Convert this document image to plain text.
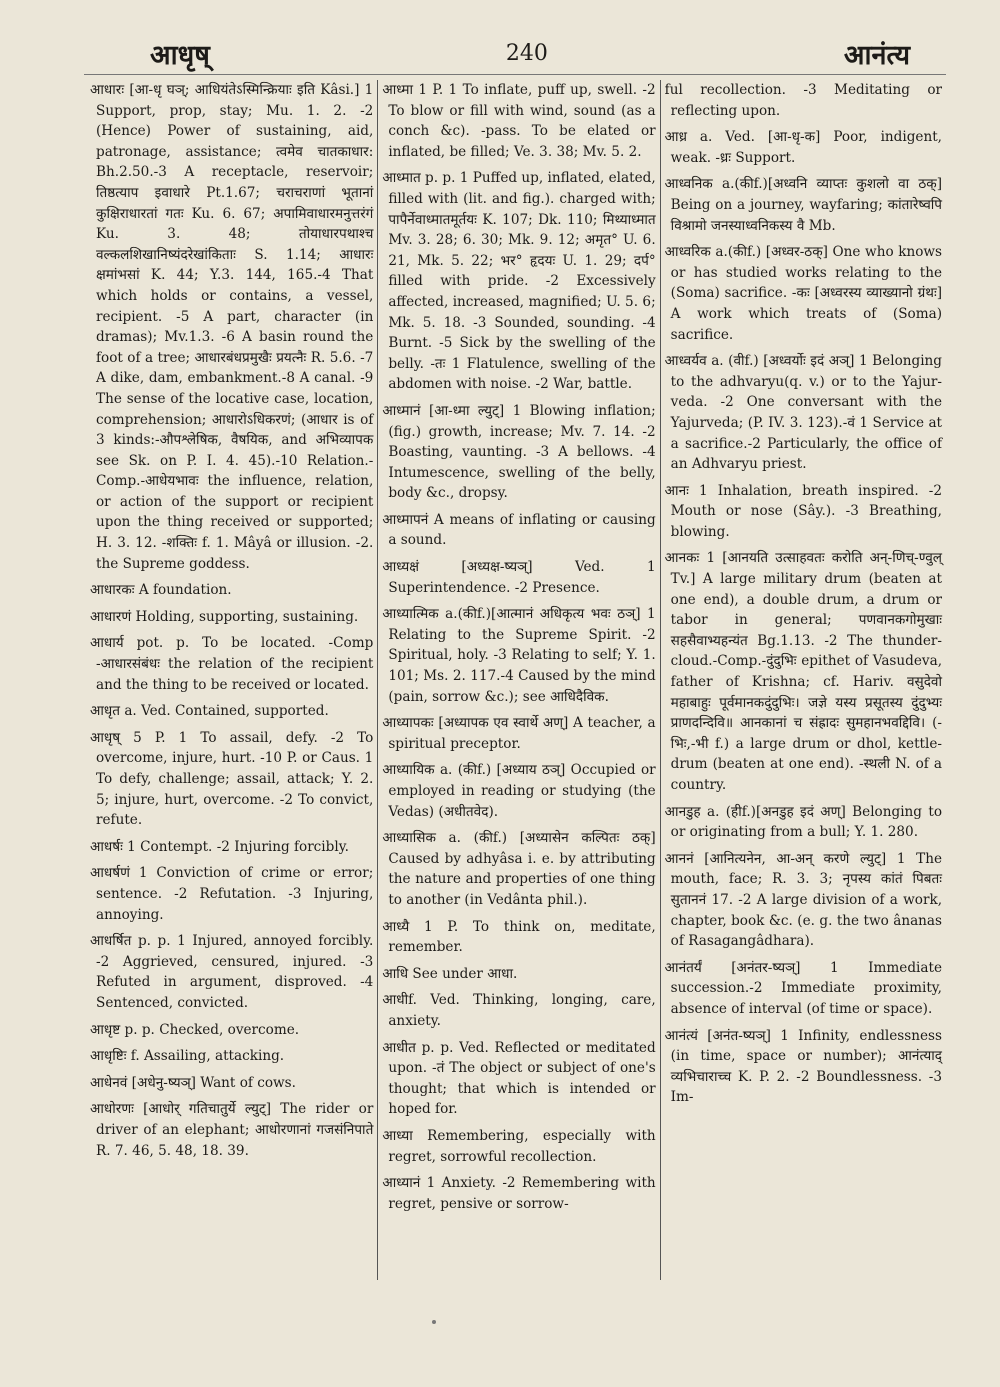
आधृष्	240	आनंत्य

आधारः [आ-धृ घञ्; आधियंतेऽस्मिन्क्रियाः इति Kâsi.] 1 Support, prop, stay; Mu. 1. 2. -2 (Hence) Power of sustaining, aid, patronage, assistance; त्वमेव चातकाधार: Bh.2.50.-3 A receptacle, reservoir; तिष्ठत्याप इवाधारे Pt.1.67; चराचराणां भूतानां कुक्षिराधारतां गतः Ku. 6. 67; अपामिवाधारमनुत्तरंगं Ku. 3. 48; तोयाधारपथाश्च वल्कलशिखानिष्यंदरेखांकिताः S. 1.14; आधारः क्षमांभसां K. 44; Y.3. 144, 165.-4 That which holds or contains, a vessel, recipient. -5 A part, character (in dramas); Mv.1.3. -6 A basin round the foot of a tree; आधारबंधप्रमुखैः प्रयत्नैः R. 5.6. -7 A dike, dam, embankment.-8 A canal. -9 The sense of the locative case, location, comprehension; आधारोऽधिकरणं; (आधार is of 3 kinds:-औपश्लेषिक, वैषयिक, and अभिव्यापक see Sk. on P. I. 4. 45).-10 Relation.-Comp.-आधेयभावः the influence, relation, or action of the support or recipient upon the thing received or supported; H. 3. 12. -शक्तिः f. 1. Mâyâ or illusion. -2. the Supreme goddess.

आधारकः A foundation.

आधारणं Holding, supporting, sustaining.

आधार्य pot. p. To be located. -Comp -आधारसंबंधः the relation of the recipient and the thing to be received or located.

आधृत a. Ved. Contained, supported.

आधृष् 5 P. 1 To assail, defy. -2 To overcome, injure, hurt. -10 P. or Caus. 1 To defy, challenge; assail, attack; Y. 2. 5; injure, hurt, overcome. -2 To convict, refute.

आधर्षः 1 Contempt. -2 Injuring forcibly.

आधर्षणं 1 Conviction of crime or error; sentence. -2 Refutation. -3 Injuring, annoying.

आधर्षित p. p. 1 Injured, annoyed forcibly. -2 Aggrieved, censured, injured. -3 Refuted in argument, disproved. -4 Sentenced, convicted.

आधृष्ट p. p. Checked, overcome.

आधृष्टिः f. Assailing, attacking.

आधेनवं [अधेनु-ष्यञ्] Want of cows.

आधोरणः [आधोर् गतिचातुर्ये ल्युट्] The rider or driver of an elephant; आधोरणानां गजसंनिपाते R. 7. 46, 5. 48, 18. 39.

आध्मा 1 P. 1 To inflate, puff up, swell. -2 To blow or fill with wind, sound (as a conch &c). -pass. To be elated or inflated, be filled; Ve. 3. 38; Mv. 5. 2.

आध्मात p. p. 1 Puffed up, inflated, elated, filled with (lit. and fig.). charged with; पापैर्नेवाध्मातमूर्तयः K. 107; Dk. 110; मिथ्याध्मात Mv. 3. 28; 6. 30; Mk. 9. 12; अमृत° U. 6. 21, Mk. 5. 22; भर° हृदयः U. 1. 29; दर्प° filled with pride. -2 Excessively affected, increased, magnified; U. 5. 6; Mk. 5. 18. -3 Sounded, sounding. -4 Burnt. -5 Sick by the swelling of the belly. -तः 1 Flatulence, swelling of the abdomen with noise. -2 War, battle.

आध्मानं [आ-ध्मा ल्युट्] 1 Blowing inflation; (fig.) growth, increase; Mv. 7. 14. -2 Boasting, vaunting. -3 A bellows. -4 Intumescence, swelling of the belly, body &c., dropsy.

आध्मापनं A means of inflating or causing a sound.

आध्यक्षं [अध्यक्ष-ष्यञ्] Ved. 1 Superintendence. -2 Presence.

आध्यात्मिक a.(कीf.)[आत्मानं अधिकृत्य भवः ठञ्] 1 Relating to the Supreme Spirit. -2 Spiritual, holy. -3 Relating to self; Y. 1. 101; Ms. 2. 117.-4 Caused by the mind (pain, sorrow &c.); see आधिदैविक.

आध्यापकः [अध्यापक एव स्वार्थे अण्] A teacher, a spiritual preceptor.

आध्यायिक a. (कीf.) [अध्याय ठञ्] Occupied or employed in reading or studying (the Vedas) (अधीतवेद).

आध्यासिक a. (कीf.) [अध्यासेन कल्पितः ठक्] Caused by adhyâsa i. e. by attributing the nature and properties of one thing to another (in Vedânta phil.).

आध्यै 1 P. To think on, meditate, remember.

आधि See under आधा.

आधीf. Ved. Thinking, longing, care, anxiety.

आधीत p. p. Ved. Reflected or meditated upon. -तं The object or subject of one's thought; that which is intended or hoped for.

आध्या Remembering, especially with regret, sorrowful recollection.

आध्यानं 1 Anxiety. -2 Remembering with regret, pensive or sorrow-

ful recollection. -3 Meditating or reflecting upon.

आध्र a. Ved. [आ-धृ-क] Poor, indigent, weak. -ध्रः Support.

आध्वनिक a.(कीf.)[अध्वनि व्याप्तः कुशलो वा ठक्] Being on a journey, wayfaring; कांतारेष्वपि विश्रामो जनस्याध्वनिकस्य वै Mb.

आध्वरिक a.(कीf.) [अध्वर-ठक्] One who knows or has studied works relating to the (Soma) sacrifice. -कः [अध्वरस्य व्याख्यानो ग्रंथः] A work which treats of (Soma) sacrifice.

आध्वर्यव a. (वीf.) [अध्वर्योः इदं अञ्] 1 Belonging to the adhvaryu(q. v.) or to the Yajur-veda. -2 One conversant with the Yajurveda; (P. IV. 3. 123).-वं 1 Service at a sacrifice.-2 Particularly, the office of an Adhvaryu priest.

आनः 1 Inhalation, breath inspired. -2 Mouth or nose (Sây.). -3 Breathing, blowing.

आनकः 1 [आनयति उत्साहवतः करोति अन्-णिच्-ण्वुल् Tv.] A large military drum (beaten at one end), a double drum, a drum or tabor in general; पणवानकगोमुखाः सहसैवाभ्यहन्यंत Bg.1.13. -2 The thunder-cloud.-Comp.-दुंदुभिः epithet of Vasudeva, father of Krishna; cf. Hariv. वसुदेवो महाबाहुः पूर्वमानकदुंदुभिः। जज्ञे यस्य प्रसूतस्य दुंदुभ्यः प्राणदन्दिवि॥ आनकानां च संह्रादः सुमहानभवद्दिवि। (-भिः,-भी f.) a large drum or dhol, kettle-drum (beaten at one end). -स्थली N. of a country.

आनडुह a. (हीf.)[अनडुह इदं अण्] Belonging to or originating from a bull; Y. 1. 280.

आननं [आनित्यनेन, आ-अन् करणे ल्युट्] 1 The mouth, face; R. 3. 3; नृपस्य कांतं पिबतः सुताननं 17. -2 A large division of a work, chapter, book &c. (e. g. the two ânanas of Rasagangâdhara).

आनंतर्यं [अनंतर-ष्यञ्] 1 Immediate succession.-2 Immediate proximity, absence of interval (of time or space).

आनंत्यं [अनंत-ष्यञ्] 1 Infinity, endlessness (in time, space or number); आनंत्याद् व्यभिचाराच्च K. P. 2. -2 Boundlessness. -3 Im-
